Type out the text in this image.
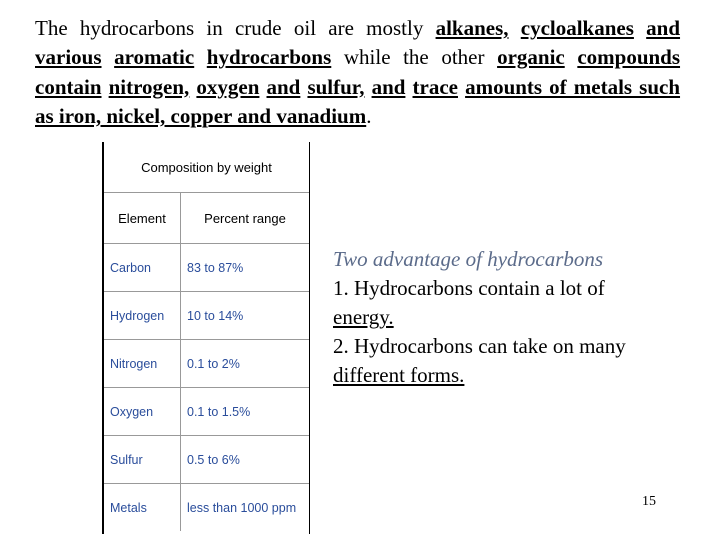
The hydrocarbons in crude oil are mostly alkanes, cycloalkanes and various aromatic hydrocarbons while the other organic compounds contain nitrogen, oxygen and sulfur, and trace amounts of metals such as iron, nickel, copper and vanadium.

Composition by weight	
Element	Percent range
Carbon	83 to 87%
Hydrogen	10 to 14%
Nitrogen	0.1 to 2%
Oxygen	0.1 to 1.5%
Sulfur	0.5 to 6%
Metals	less than 1000 ppm
Two advantage of hydrocarbons
1. Hydrocarbons contain a lot of
energy.
2. Hydrocarbons can take on many
different forms.
15
